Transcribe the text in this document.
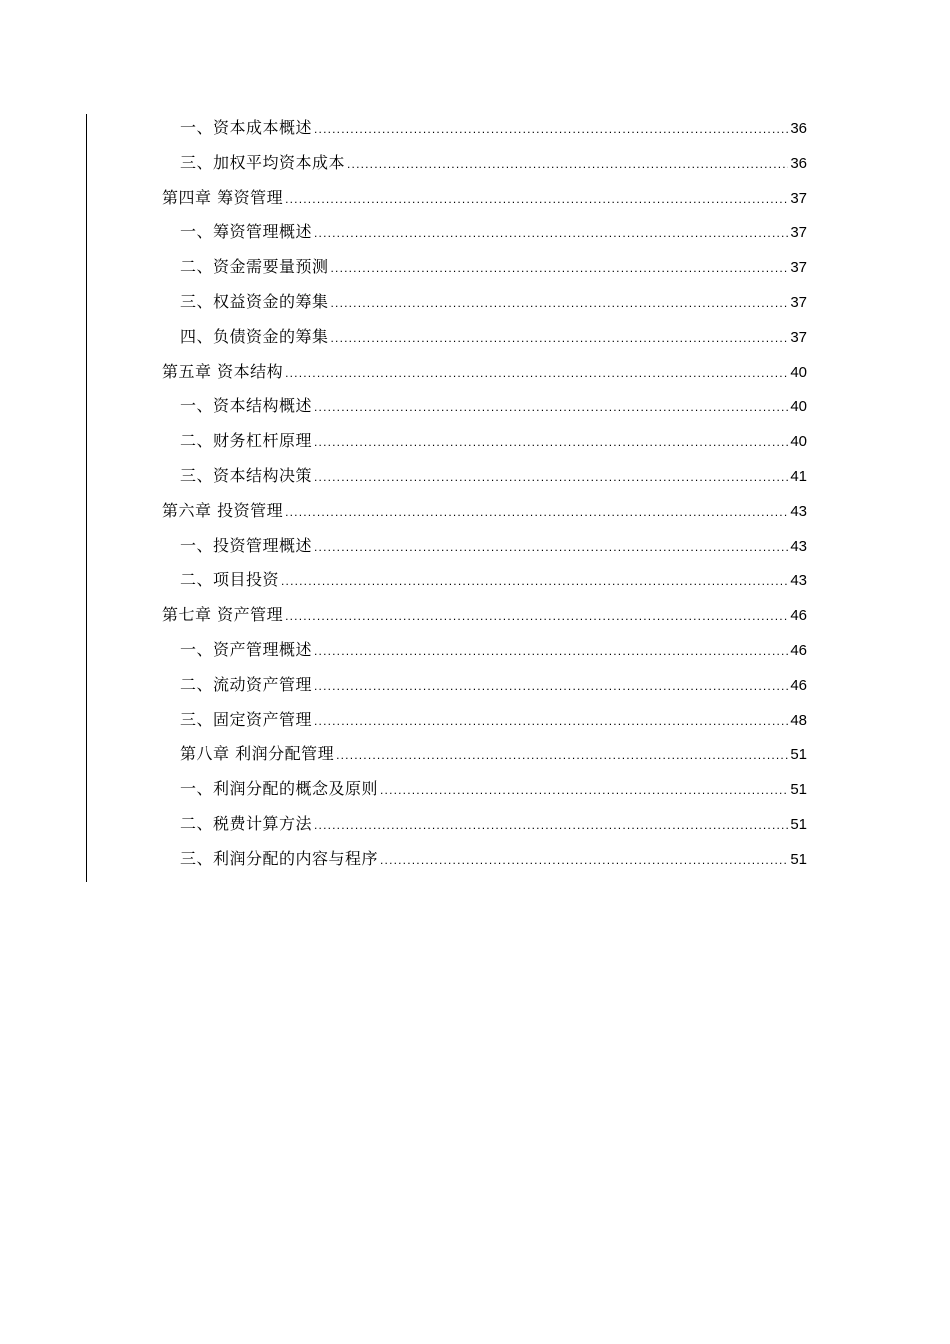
一、资本成本概述 .....	36
三、加权平均资本成本 .....	36
第四章 筹资管理 .....	37
一、筹资管理概述 .....	37
二、资金需要量预测 .....	37
三、权益资金的筹集 .....	37
四、负债资金的筹集 .....	37
第五章 资本结构 .....	40
一、资本结构概述 .....	40
二、财务杠杆原理 .....	40
三、资本结构决策 .....	41
第六章 投资管理 .....	43
一、投资管理概述 .....	43
二、项目投资 .....	43
第七章 资产管理 .....	46
一、资产管理概述 .....	46
二、流动资产管理 .....	46
三、固定资产管理 .....	48
第八章 利润分配管理 .....	51
一、利润分配的概念及原则 .....	51
二、税费计算方法 .....	51
三、利润分配的内容与程序 .....	51
